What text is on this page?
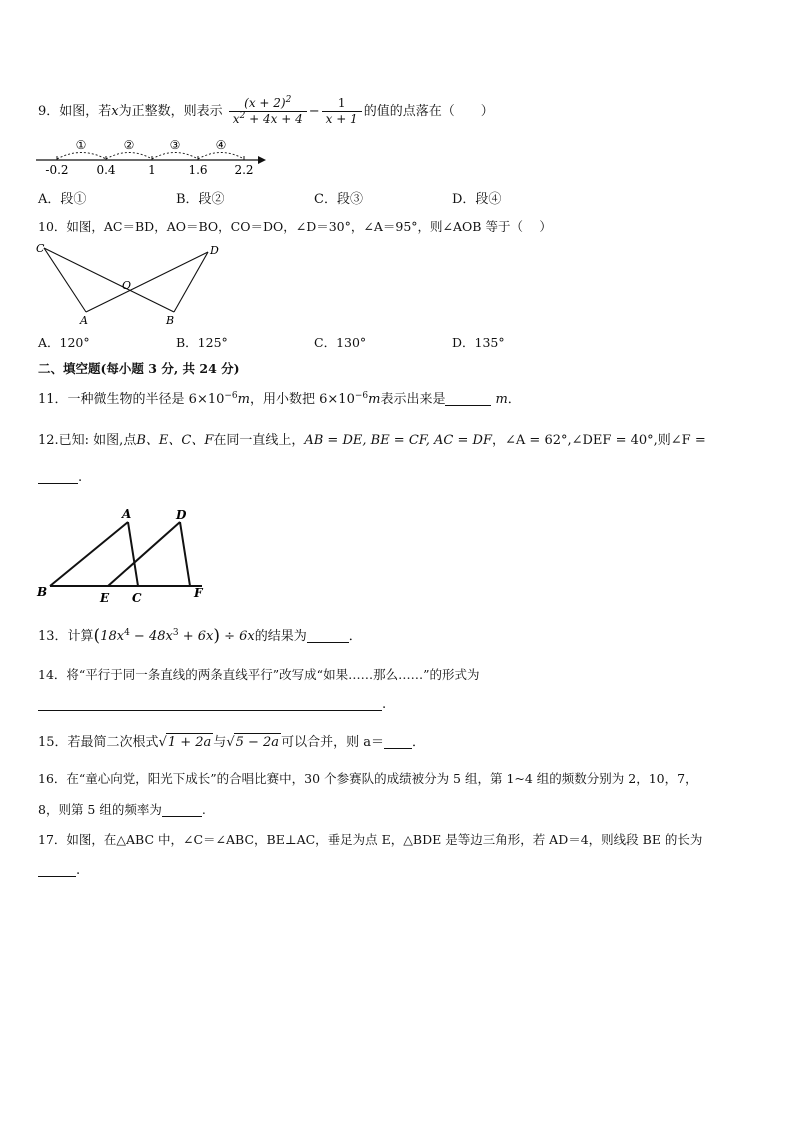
9．如图，若x为正整数，则表示 $\frac{(x + 2)^2}{x^2 + 4x + 4} - \frac{1}{x + 1}$ 的值的点落在（　　）
①	②	③	④
-0.2 0.4	1	1.6 2.2
A．段①	B．段②	C．段③	D．段④
10．如图，AC＝BD，AO＝BO，CO＝DO，∠D＝30°，∠A＝95°，则∠AOB 等于（　 ）
C	D
O
A	B
A．120°	B．125°	C．130°	D．135°
二、填空题(每小题 3 分, 共 24 分)
11．一种微生物的半径是 $6\times 10^{-6}m$，用小数把 $6\times 10^{-6}m$表示出来是	m．
12.已知: 如图,点B、E、C、F在同一直线上，AB = DE, BE = CF, AC = DF，∠A = 62°,∠DEF = 40°,则∠F =
.
A	D
B	E C	F
13．计算$(18x^4 - 48x^3 + 6x) \div 6x$的结果为	．
14．将“平行于同一条直线的两条直线平行”改写成“如果……那么……”的形式为
.
15．若最简二次根式√1 + 2a 与√5 − 2a 可以合并，则 a＝ ．
16．在“童心向党，阳光下成长”的合唱比赛中，30 个参赛队的成绩被分为 5 组，第 1~4 组的频数分别为 2，10，7，
8，则第 5 组的频率为	.
17．如图，在△ABC 中，∠C＝∠ABC，BE⊥AC，垂足为点 E，△BDE 是等边三角形，若 AD＝4，则线段 BE 的长为
.
